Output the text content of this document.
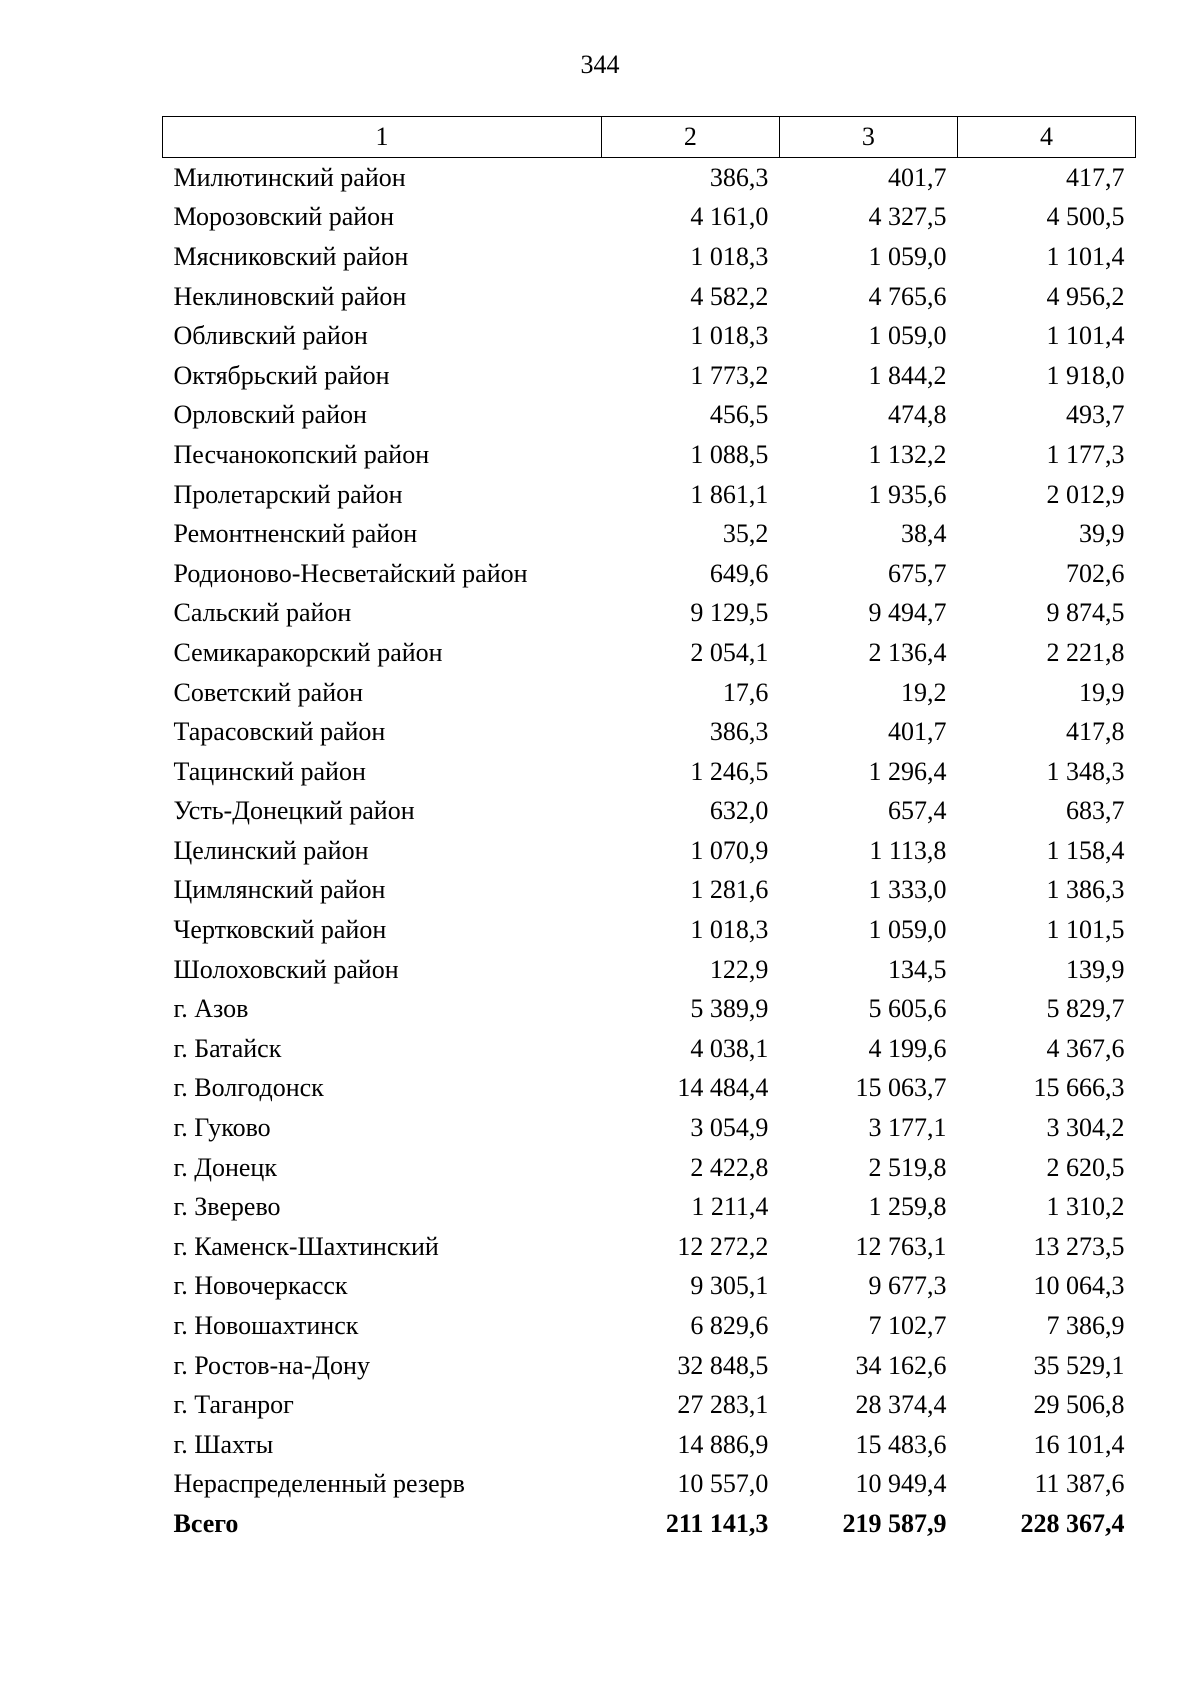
344
1	2	3	4
Милютинский район	386,3	401,7	417,7
Морозовский район	4 161,0	4 327,5	4 500,5
Мясниковский район	1 018,3	1 059,0	1 101,4
Неклиновский район	4 582,2	4 765,6	4 956,2
Обливский район	1 018,3	1 059,0	1 101,4
Октябрьский район	1 773,2	1 844,2	1 918,0
Орловский район	456,5	474,8	493,7
Песчанокопский район	1 088,5	1 132,2	1 177,3
Пролетарский район	1 861,1	1 935,6	2 012,9
Ремонтненский район	35,2	38,4	39,9
Родионово-Несветайский район	649,6	675,7	702,6
Сальский район	9 129,5	9 494,7	9 874,5
Семикаракорский район	2 054,1	2 136,4	2 221,8
Советский район	17,6	19,2	19,9
Тарасовский район	386,3	401,7	417,8
Тацинский район	1 246,5	1 296,4	1 348,3
Усть-Донецкий район	632,0	657,4	683,7
Целинский район	1 070,9	1 113,8	1 158,4
Цимлянский район	1 281,6	1 333,0	1 386,3
Чертковский район	1 018,3	1 059,0	1 101,5
Шолоховский район	122,9	134,5	139,9
г. Азов	5 389,9	5 605,6	5 829,7
г. Батайск	4 038,1	4 199,6	4 367,6
г. Волгодонск	14 484,4	15 063,7	15 666,3
г. Гуково	3 054,9	3 177,1	3 304,2
г. Донецк	2 422,8	2 519,8	2 620,5
г. Зверево	1 211,4	1 259,8	1 310,2
г. Каменск-Шахтинский	12 272,2	12 763,1	13 273,5
г. Новочеркасск	9 305,1	9 677,3	10 064,3
г. Новошахтинск	6 829,6	7 102,7	7 386,9
г. Ростов-на-Дону	32 848,5	34 162,6	35 529,1
г. Таганрог	27 283,1	28 374,4	29 506,8
г. Шахты	14 886,9	15 483,6	16 101,4
Нераспределенный резерв	10 557,0	10 949,4	11 387,6
Всего	211 141,3	219 587,9	228 367,4
